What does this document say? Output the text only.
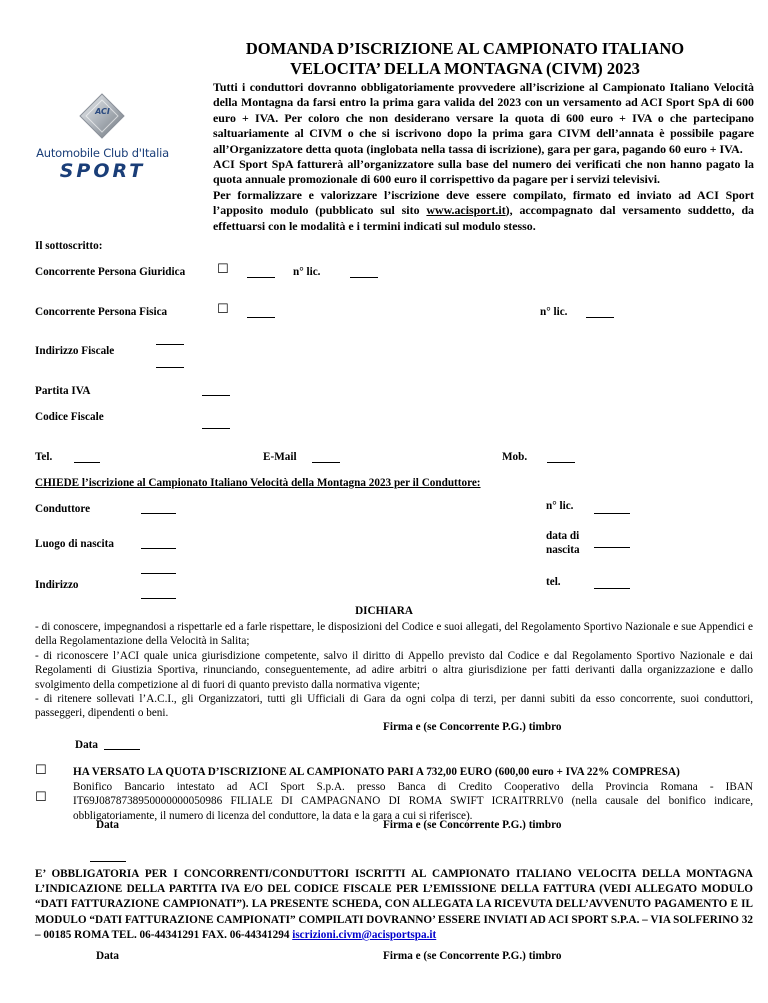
DOMANDA D’ISCRIZIONE AL CAMPIONATO ITALIANO
VELOCITA’ DELLA MONTAGNA (CIVM) 2023
ACI
Automobile Club d'Italia
SPORT
Tutti i conduttori dovranno obbligatoriamente provvedere all’iscrizione al Campionato Italiano Velocità della Montagna da farsi entro la prima gara valida del 2023 con un versamento ad ACI Sport SpA di 600 euro + IVA. Per coloro che non desiderano versare la quota di 600 euro + IVA o che partecipano saltuariamente al CIVM o che si iscrivono dopo la prima gara CIVM dell’annata è possibile pagare all’Organizzatore detta quota (inglobata nella tassa di iscrizione), gara per gara, pagando 60 euro + IVA.
ACI Sport SpA fatturerà all’organizzatore sulla base del numero dei verificati che non hanno pagato la quota annuale promozionale di 600 euro il corrispettivo da pagare per i servizi televisivi.
Per formalizzare e valorizzare l’iscrizione deve essere compilato, firmato ed inviato ad ACI Sport l’apposito modulo (pubblicato sul sito www.acisport.it), accompagnato dal versamento suddetto, da effettuarsi con le modalità e i termini indicati sul modulo stesso.
Il sottoscritto:
Concorrente Persona Giuridica ☐	n° lic.
Concorrente Persona Fisica	☐	n° lic.
Indirizzo Fiscale
Partita IVA
Codice Fiscale
Tel.	E-Mail	Mob.
CHIEDE l’iscrizione al Campionato Italiano Velocità della Montagna 2023 per il Conduttore:
Conduttore	n° lic.
Luogo di nascita
data di
nascita
Indirizzo	tel.
DICHIARA
- di conoscere, impegnandosi a rispettarle ed a farle rispettare, le disposizioni del Codice e suoi allegati, del Regolamento Sportivo Nazionale e sue Appendici e della Regolamentazione della Velocità in Salita;
- di riconoscere l’ACI quale unica giurisdizione competente, salvo il diritto di Appello previsto dal Codice e dal Regolamento Sportivo Nazionale e dai Regolamenti di Giustizia Sportiva, rinunciando, conseguentemente, ad adire arbitri o altra giurisdizione per fatti derivanti dalla organizzazione e dallo svolgimento della competizione al di fuori di quanto previsto dalla normativa vigente;
- di ritenere sollevati l’A.C.I., gli Organizzatori, tutti gli Ufficiali di Gara da ogni colpa di terzi, per danni subiti da esso concorrente, suoi conduttori, passeggeri, dipendenti o beni.
Firma e (se Concorrente P.G.) timbro
Data
☐
☐
HA VERSATO LA QUOTA D’ISCRIZIONE AL CAMPIONATO PARI A 732,00 EURO (600,00 euro + IVA 22% COMPRESA)
Bonifico Bancario intestato ad ACI Sport S.p.A. presso Banca di Credito Cooperativo della Provincia Romana - IBAN IT69J0878738950000000050986 FILIALE DI CAMPAGNANO DI ROMA SWIFT ICRAITRRLV0 (nella causale del bonifico indicare, obbligatoriamente, il numero di licenza del conduttore, la data e la gara a cui si riferisce).
Data	Firma e (se Concorrente P.G.) timbro
E’ OBBLIGATORIA PER I CONCORRENTI/CONDUTTORI ISCRITTI AL CAMPIONATO ITALIANO VELOCITA DELLA MONTAGNA L’INDICAZIONE DELLA PARTITA IVA E/O DEL CODICE FISCALE PER L’EMISSIONE DELLA FATTURA (VEDI ALLEGATO MODULO “DATI FATTURAZIONE CAMPIONATI”). LA PRESENTE SCHEDA, CON ALLEGATA LA RICEVUTA DELL’AVVENUTO PAGAMENTO E IL MODULO “DATI FATTURAZIONE CAMPIONATI” COMPILATI DOVRANNO’ ESSERE INVIATI AD ACI SPORT S.P.A. – VIA SOLFERINO 32 – 00185 ROMA TEL. 06-44341291 FAX. 06-44341294 iscrizioni.civm@acisportspa.it
Data	Firma e (se Concorrente P.G.) timbro
